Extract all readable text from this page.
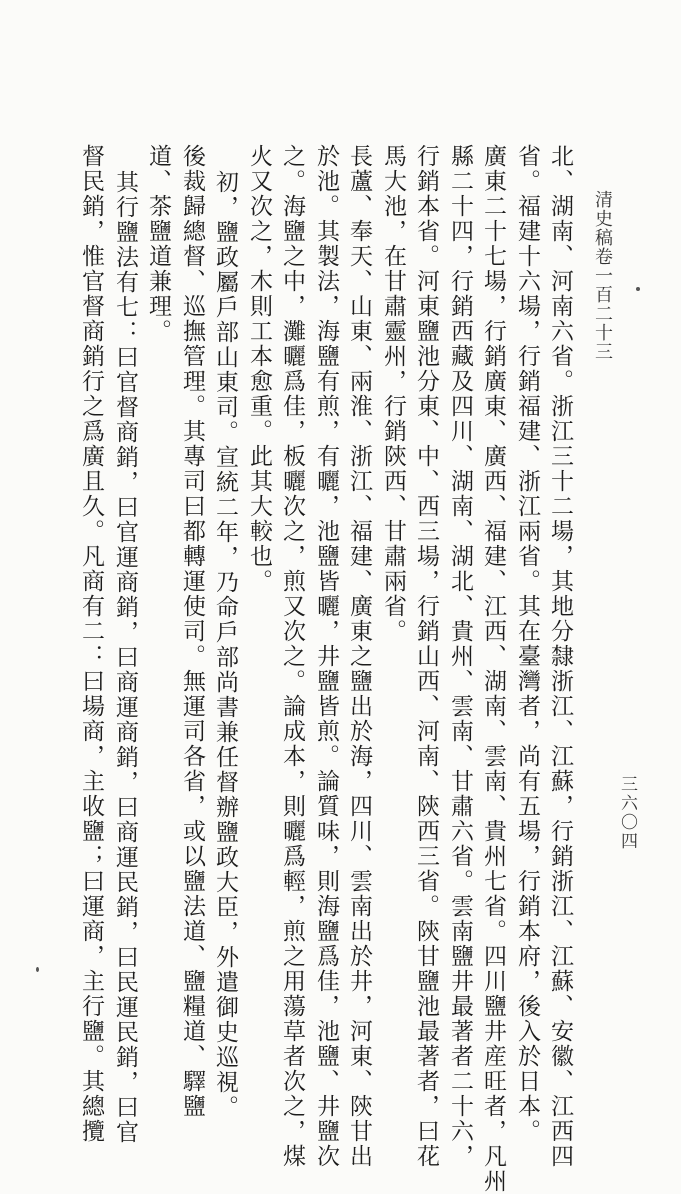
清史稿卷一百二十三
三六〇四
北、湖南、河南六省。浙江三十二場，其地分隸浙江、江蘇，行銷浙江、江蘇、安徽、江西四
省。福建十六場，行銷福建、浙江兩省。其在臺灣者，尚有五場，行銷本府，後入於日本。
廣東二十七場，行銷廣東、廣西、福建、江西、湖南、雲南、貴州七省。四川鹽井産旺者，凡州
縣二十四，行銷西藏及四川、湖南、湖北、貴州、雲南、甘肅六省。雲南鹽井最著者二十六，
行銷本省。河東鹽池分東、中、西三場，行銷山西、河南、陝西三省。陝甘鹽池最著者，曰花
馬大池，在甘肅靈州，行銷陝西、甘肅兩省。
長蘆、奉天、山東、兩淮、浙江、福建、廣東之鹽出於海，四川、雲南出於井，河東、陝甘出
於池。其製法，海鹽有煎，有曬，池鹽皆曬，井鹽皆煎。論質味，則海鹽爲佳，池鹽、井鹽次
之。海鹽之中，灘曬爲佳，板曬次之，煎又次之。論成本，則曬爲輕，煎之用蕩草者次之，煤
火又次之，木則工本愈重。此其大較也。
初，鹽政屬戶部山東司。宣統二年，乃命戶部尚書兼任督辦鹽政大臣，外遣御史巡視。
後裁歸總督、巡撫管理。其專司曰都轉運使司。無運司各省，或以鹽法道、鹽糧道、驛鹽
道、茶鹽道兼理。
其行鹽法有七：曰官督商銷，曰官運商銷，曰商運商銷，曰商運民銷，曰民運民銷，曰官
督民銷，惟官督商銷行之爲廣且久。凡商有二：曰場商，主收鹽；曰運商，主行鹽。其總攬
